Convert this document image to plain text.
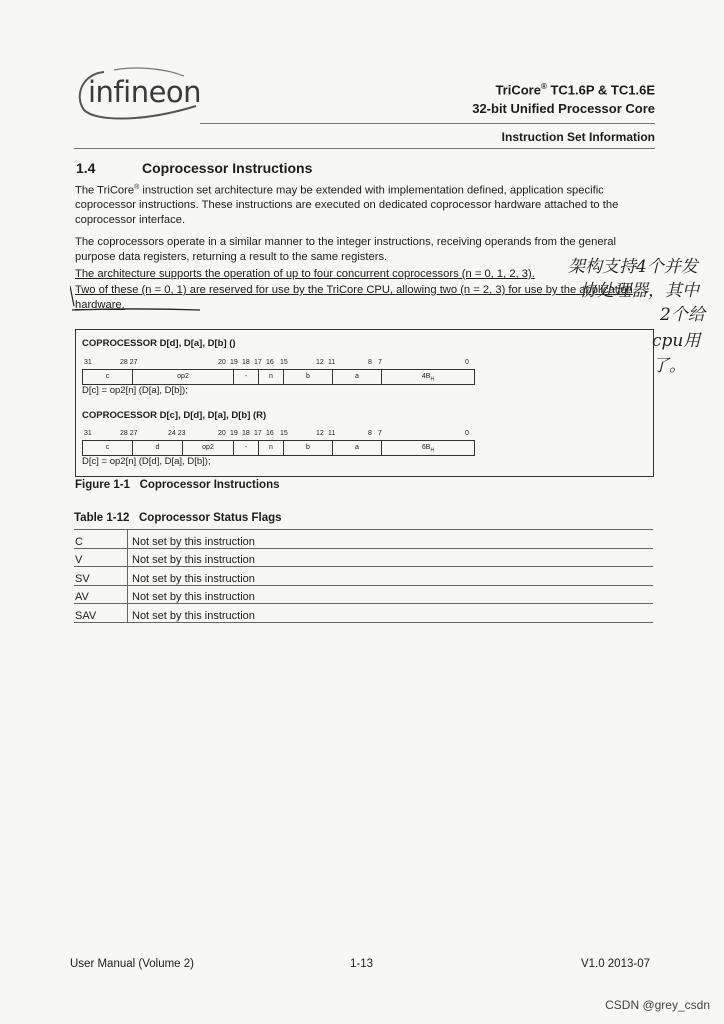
infineon	TriCore® TC1.6P & TC1.6E
32-bit Unified Processor Core
Instruction Set Information
1.4	Coprocessor Instructions
The TriCore® instruction set architecture may be extended with implementation defined, application specific coprocessor instructions. These instructions are executed on dedicated coprocessor hardware attached to the coprocessor interface.
The coprocessors operate in a similar manner to the integer instructions, receiving operands from the general purpose data registers, returning a result to the same registers.
The architecture supports the operation of up to four concurrent coprocessors (n = 0, 1, 2, 3).
Two of these (n = 0, 1) are reserved for use by the TriCore CPU, allowing two (n = 2, 3) for use by the application hardware.
架构支持4个并发
协处理器，其中
2个给
cpu用了。
COPROCESSOR D[d], D[a], D[b] ()
31	28 27	20 19 18 17 16 15	12 11	8 7	0
c	op2	-	n	b	a	$4B_H$
D[c] = op2[n] (D[a], D[b]);
COPROCESSOR D[c], D[d], D[a], D[b] (R)
31	28 27	24 23	20 19 18 17 16 15	12 11	8 7	0
c	d	op2	-	n	b	a	$6B_H$
D[c] = op2[n] (D[d], D[a], D[b]);
Figure 1-1 Coprocessor Instructions
Table 1-12 Coprocessor Status Flags
C	Not set by this instruction
V	Not set by this instruction
SV	Not set by this instruction
AV	Not set by this instruction
SAV	Not set by this instruction
User Manual (Volume 2)	1-13	V1.0 2013-07
CSDN @grey_csdn
